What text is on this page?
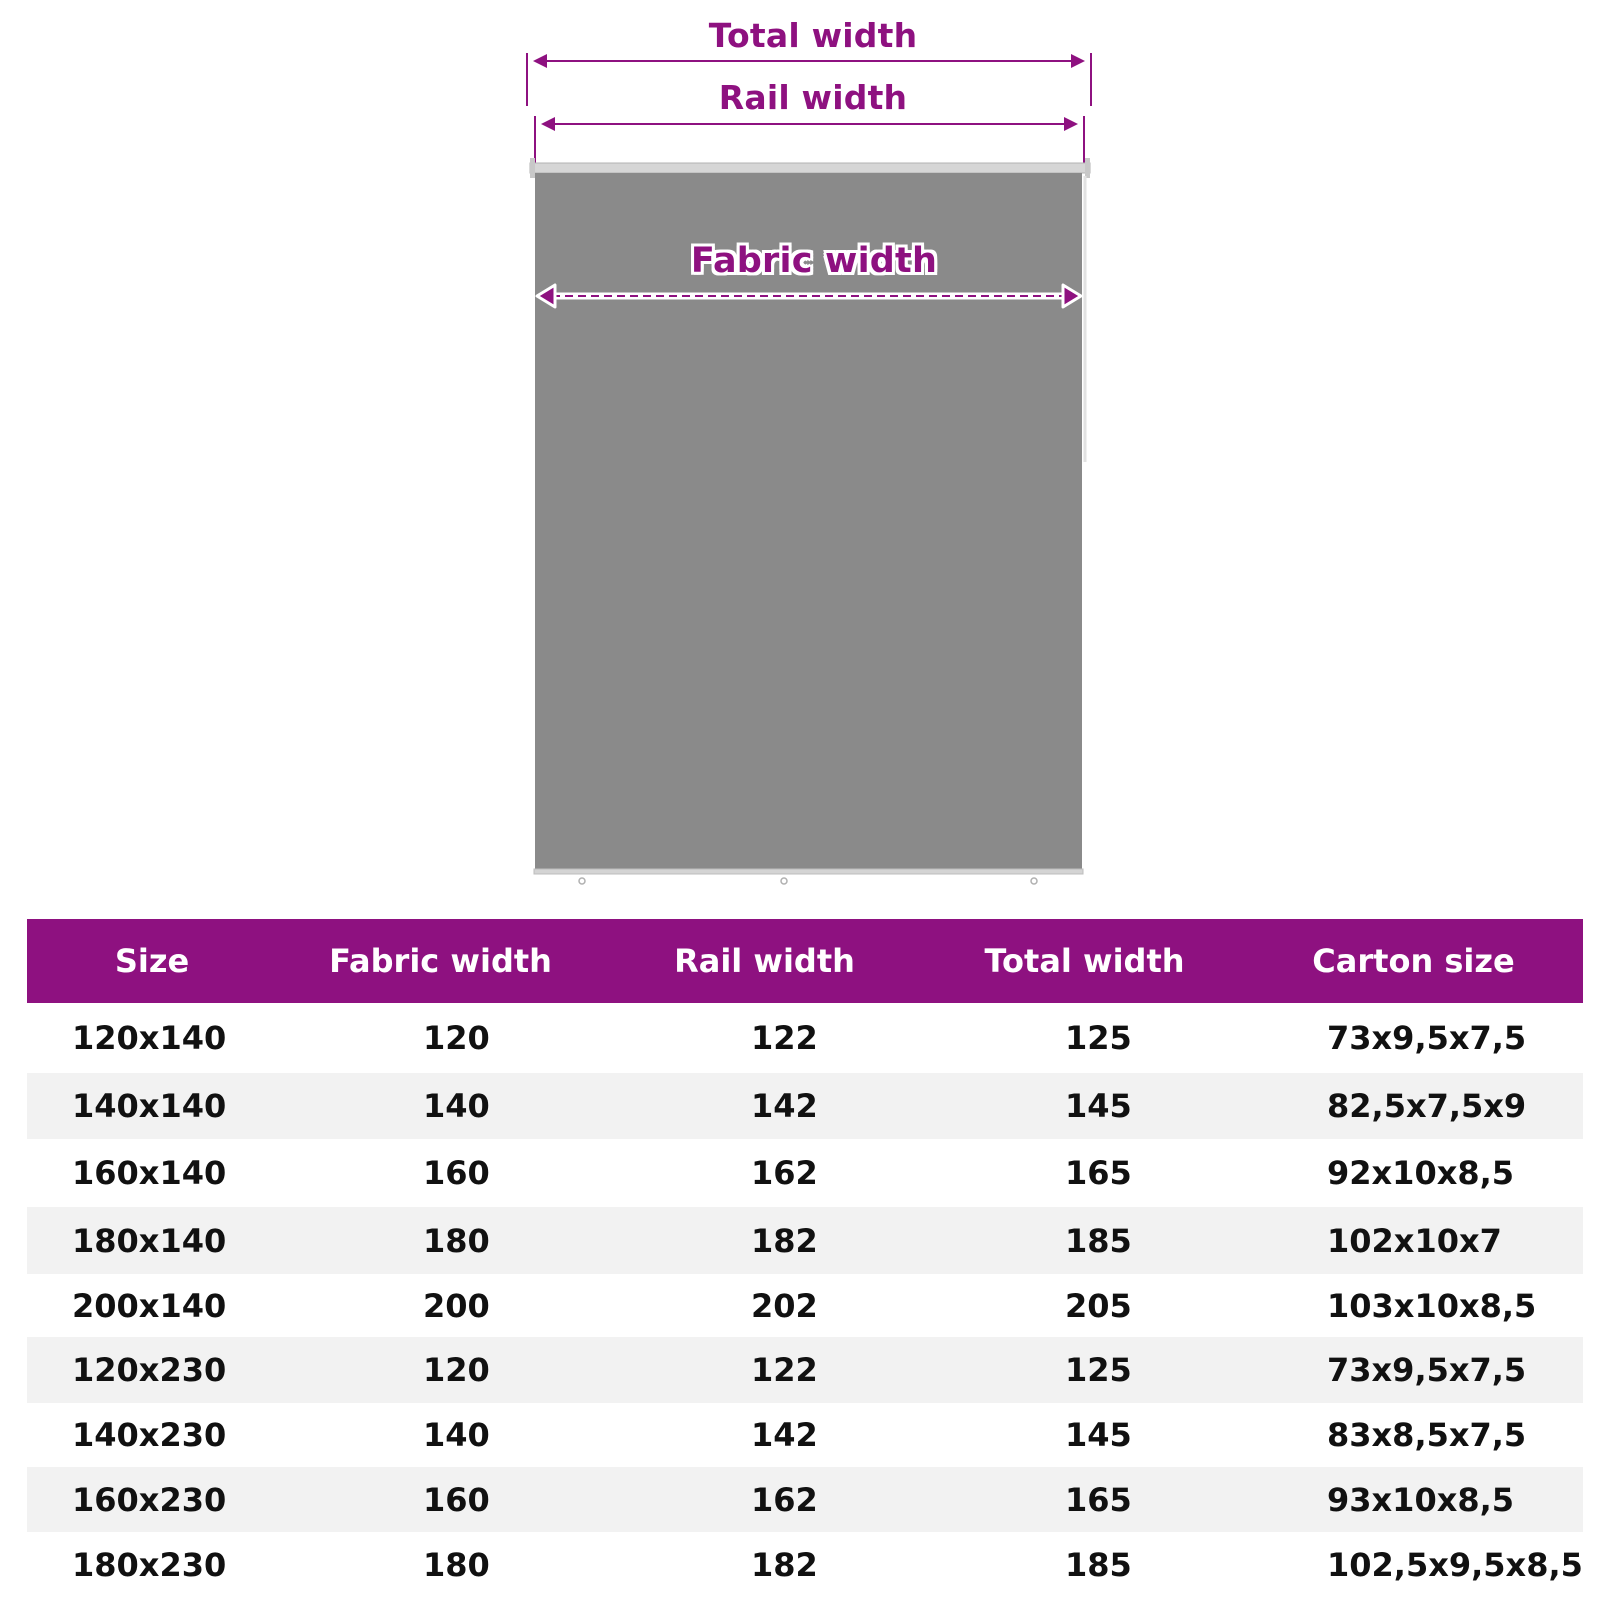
Total width
Rail width
Fabric width
Size	Fabric width	Rail width	Total width	Carton size
120x140	120	122	125	73x9,5x7,5
140x140	140	142	145	82,5x7,5x9
160x140	160	162	165	92x10x8,5
180x140	180	182	185	102x10x7
200x140	200	202	205	103x10x8,5
120x230	120	122	125	73x9,5x7,5
140x230	140	142	145	83x8,5x7,5
160x230	160	162	165	93x10x8,5
180x230	180	182	185	102,5x9,5x8,5
